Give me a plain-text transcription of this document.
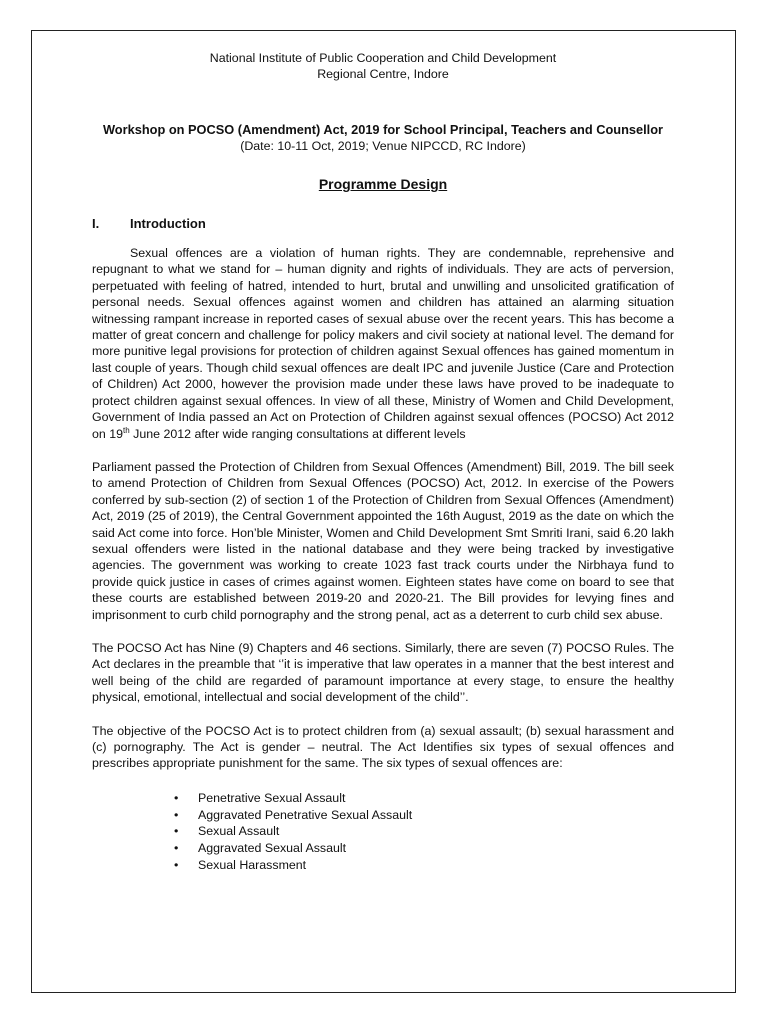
National Institute of Public Cooperation and Child Development

Regional Centre, Indore

Workshop on POCSO (Amendment) Act, 2019 for School Principal, Teachers and Counsellor

(Date: 10-11 Oct, 2019; Venue NIPCCD, RC Indore)

Programme Design

I.	Introduction

Sexual offences are a violation of human rights. They are condemnable, reprehensive and repugnant to what we stand for – human dignity and rights of individuals. They are acts of perversion, perpetuated with feeling of hatred, intended to hurt, brutal and unwilling and unsolicited gratification of personal needs. Sexual offences against women and children has attained an alarming situation witnessing rampant increase in reported cases of sexual abuse over the recent years. This has become a matter of great concern and challenge for policy makers and civil society at national level. The demand for more punitive legal provisions for protection of children against Sexual offences has gained momentum in last couple of years. Though child sexual offences are dealt IPC and juvenile Justice (Care and Protection of Children) Act 2000, however the provision made under these laws have proved to be inadequate to protect children against sexual offences. In view of all these, Ministry of Women and Child Development, Government of India passed an Act on Protection of Children against sexual offences (POCSO) Act 2012 on 19th June 2012 after wide ranging consultations at different levels

Parliament passed the Protection of Children from Sexual Offences (Amendment) Bill, 2019. The bill seek to amend Protection of Children from Sexual Offences (POCSO) Act, 2012. In exercise of the Powers conferred by sub-section (2) of section 1 of the Protection of Children from Sexual Offences (Amendment) Act, 2019 (25 of 2019), the Central Government appointed the 16th August, 2019 as the date on which the said Act come into force. Hon’ble Minister, Women and Child Development Smt Smriti Irani, said 6.20 lakh sexual offenders were listed in the national database and they were being tracked by investigative agencies. The government was working to create 1023 fast track courts under the Nirbhaya fund to provide quick justice in cases of crimes against women. Eighteen states have come on board to see that these courts are established between 2019-20 and 2020-21. The Bill provides for levying fines and imprisonment to curb child pornography and the strong penal, act as a deterrent to curb child sex abuse.

The POCSO Act has Nine (9) Chapters and 46 sections. Similarly, there are seven (7) POCSO Rules. The Act declares in the preamble that ‘’it is imperative that law operates in a manner that the best interest and well being of the child are regarded of paramount importance at every stage, to ensure the healthy physical, emotional, intellectual and social development of the child’’.

The objective of the POCSO Act is to protect children from (a) sexual assault; (b) sexual harassment and (c) pornography. The Act is gender – neutral. The Act Identifies six types of sexual offences and prescribes appropriate punishment for the same. The six types of sexual offences are:

• Penetrative Sexual Assault
• Aggravated Penetrative Sexual Assault
• Sexual Assault
• Aggravated Sexual Assault
• Sexual Harassment
